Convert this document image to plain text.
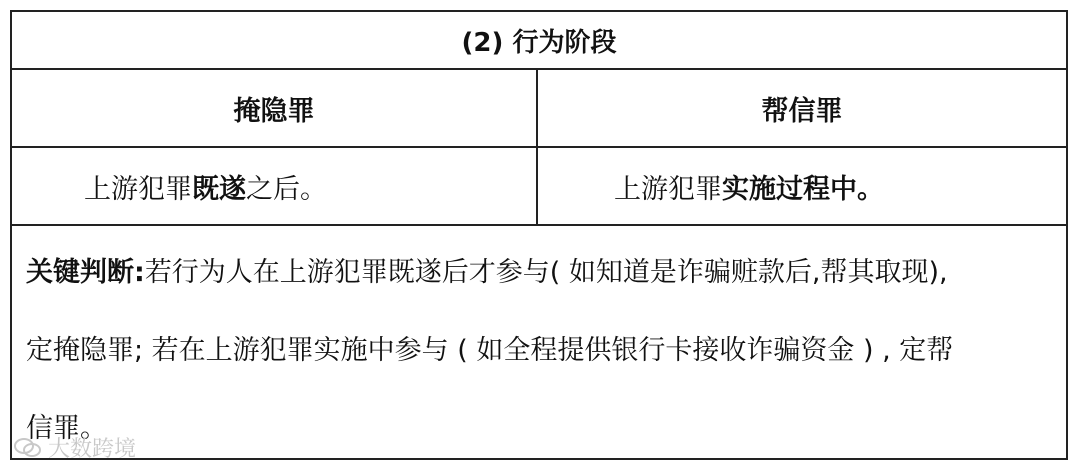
(2) 行为阶段
掩隐罪	帮信罪
上游犯罪既遂之后。	上游犯罪实施过程中。
关键判断:若行为人在上游犯罪既遂后才参与( 如知道是诈骗赃款后,帮其取现),
定掩隐罪; 若在上游犯罪实施中参与 ( 如全程提供银行卡接收诈骗资金 ) , 定帮
信罪。
大数跨境
